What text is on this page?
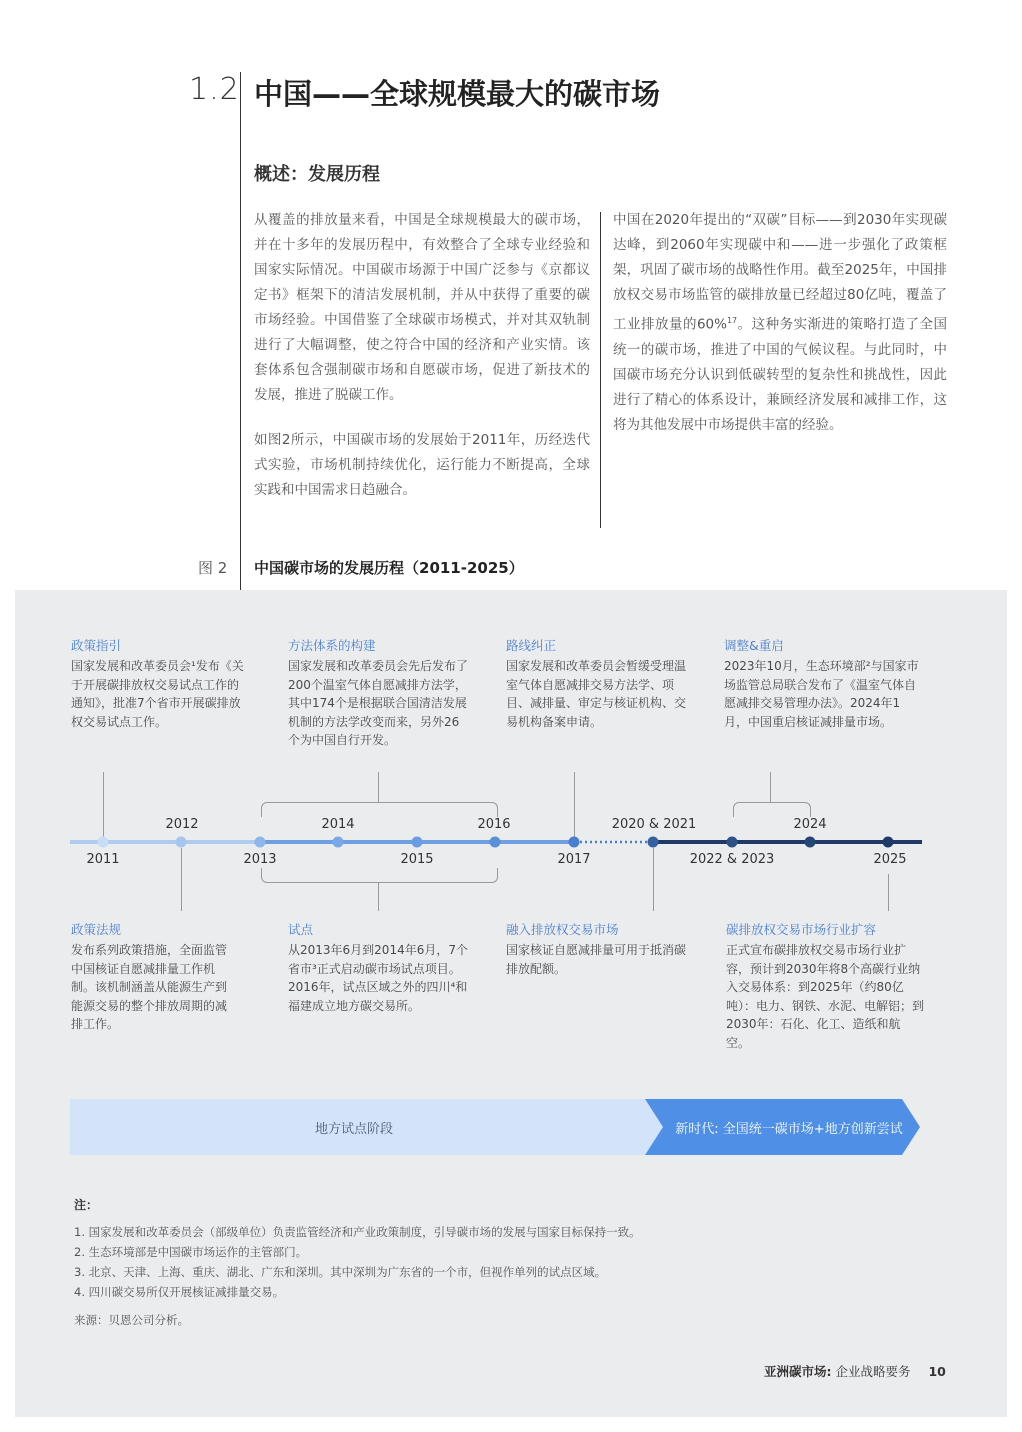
1.2 中国——全球规模最大的碳市场
概述：发展历程

从覆盖的排放量来看，中国是全球规模最大的碳市场，并在十多年的发展历程中，有效整合了全球专业经验和国家实际情况。中国碳市场源于中国广泛参与《京都议定书》框架下的清洁发展机制，并从中获得了重要的碳市场经验。中国借鉴了全球碳市场模式，并对其双轨制进行了大幅调整，使之符合中国的经济和产业实情。该套体系包含强制碳市场和自愿碳市场，促进了新技术的发展，推进了脱碳工作。

如图2所示，中国碳市场的发展始于2011年，历经迭代式实验，市场机制持续优化，运行能力不断提高，全球实践和中国需求日趋融合。

中国在2020年提出的“双碳”目标——到2030年实现碳达峰，到2060年实现碳中和——进一步强化了政策框架，巩固了碳市场的战略性作用。截至2025年，中国排放权交易市场监管的碳排放量已经超过80亿吨，覆盖了工业排放量的60%$^{17}$。这种务实渐进的策略打造了全国统一的碳市场，推进了中国的气候议程。与此同时，中国碳市场充分认识到低碳转型的复杂性和挑战性，因此进行了精心的体系设计，兼顾经济发展和减排工作，这将为其他发展中市场提供丰富的经验。

图 2 中国碳市场的发展历程（2011-2025）
政策指引
国家发展和改革委员会¹发布《关于开展碳排放权交易试点工作的通知》，批准7个省市开展碳排放权交易试点工作。
方法体系的构建
国家发展和改革委员会先后发布了200个温室气体自愿减排方法学，其中174个是根据联合国清洁发展机制的方法学改变而来，另外26个为中国自行开发。
路线纠正
国家发展和改革委员会暂缓受理温室气体自愿减排交易方法学、项目、减排量、审定与核证机构、交易机构备案申请。
调整&重启
2023年10月，生态环境部²与国家市场监管总局联合发布了《温室气体自愿减排交易管理办法》。2024年1月，中国重启核证减排量市场。
2012	2014	2016	2020 & 2021	2024
2011	2013	2015	2017	2022 & 2023	2025
政策法规
发布系列政策措施，全面监管中国核证自愿减排量工作机制。该机制涵盖从能源生产到能源交易的整个排放周期的减排工作。
试点
从2013年6月到2014年6月，7个省市³正式启动碳市场试点项目。2016年，试点区域之外的四川⁴和福建成立地方碳交易所。
融入排放权交易市场
国家核证自愿减排量可用于抵消碳排放配额。
碳排放权交易市场行业扩容
正式宣布碳排放权交易市场行业扩容，预计到2030年将8个高碳行业纳入交易体系：到2025年（约80亿吨）：电力、钢铁、水泥、电解铝；到2030年：石化、化工、造纸和航空。
地方试点阶段	新时代: 全国统一碳市场+地方创新尝试
注：
1. 国家发展和改革委员会（部级单位）负责监管经济和产业政策制度，引导碳市场的发展与国家目标保持一致。
2. 生态环境部是中国碳市场运作的主管部门。
3. 北京、天津、上海、重庆、湖北、广东和深圳。其中深圳为广东省的一个市，但视作单列的试点区域。
4. 四川碳交易所仅开展核证减排量交易。
来源：贝恩公司分析。
亚洲碳市场: 企业战略要务 10
